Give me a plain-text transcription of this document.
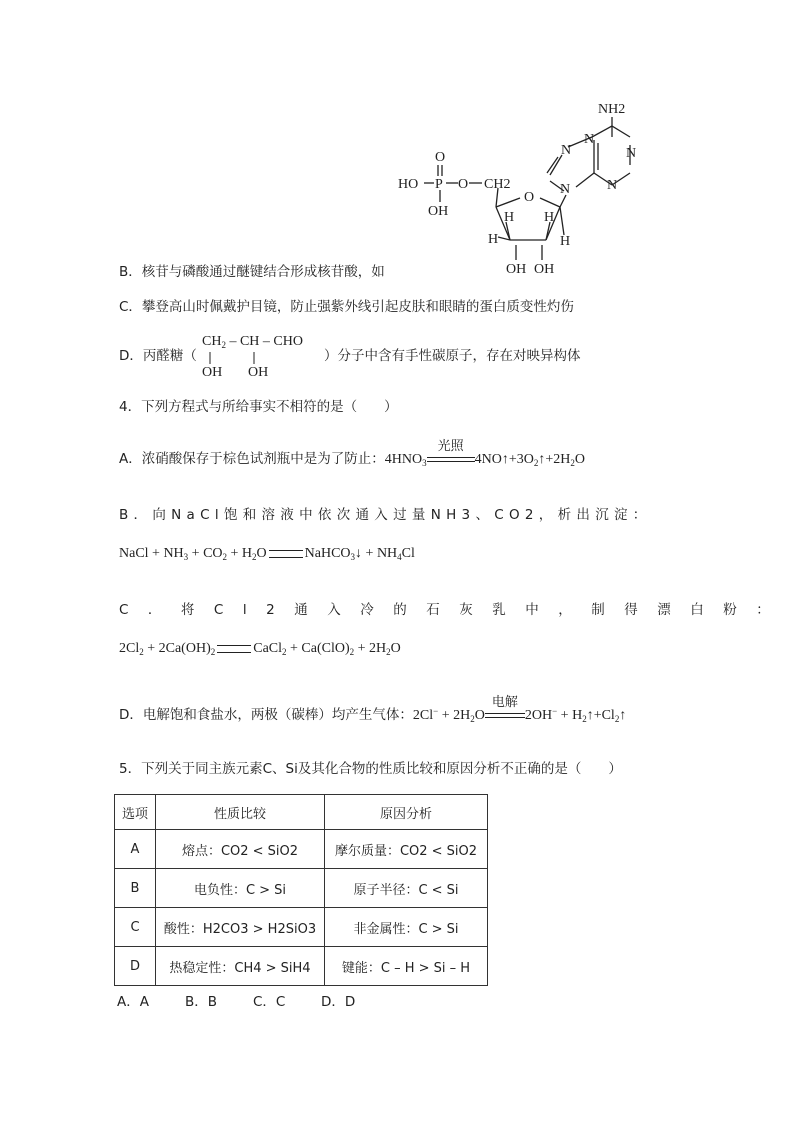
NH2
N
N
N
N
N
HO P
O
O CH2
OH
O
H H
H	H
OH OH
B．核苷与磷酸通过醚键结合形成核苷酸，如
C．攀登高山时佩戴护目镜，防止强紫外线引起皮肤和眼睛的蛋白质变性灼伤
D．丙醛糖（
$CH_2$ – CH – CHO
OH OH
）分子中含有手性碳原子，存在对映异构体
4．下列方程式与所给事实不相符的是（　　）
A．浓硝酸保存于棕色试剂瓶中是为了防止：$4HNO_3$
光照
$4NO↑+3O_2↑+2H_2O$
B．向NaCl饱和溶液中依次通入过量NH3、CO2，析出沉淀：
NaCl + $NH_3 + CO_2 + H_2O$	NaHCO$_3$↓ + $NH_4Cl$
C．将Cl2通入冷的石灰乳中，制得漂白粉：
$2Cl_2 + 2Ca(OH)_2$	CaCl$_2$ + $Ca(ClO)_2 + 2H_2O$
D．电解饱和食盐水，两极（碳棒）均产生气体：$2Cl^- + 2H_2O$
电解
$2OH^- + H_2↑+Cl_2↑$
5．下列关于同主族元素C、Si及其化合物的性质比较和原因分析不正确的是（　　）
选项	性质比较	原因分析
A	熔点：CO2 < SiO2	摩尔质量：CO2 < SiO2
B	电负性：C > Si	原子半径：C < Si
C	酸性：H2CO3 > H2SiO3	非金属性：C > Si
D	热稳定性：CH4 > SiH4	键能：C – H > Si – H
A．A	B．B	C．C	D．D
